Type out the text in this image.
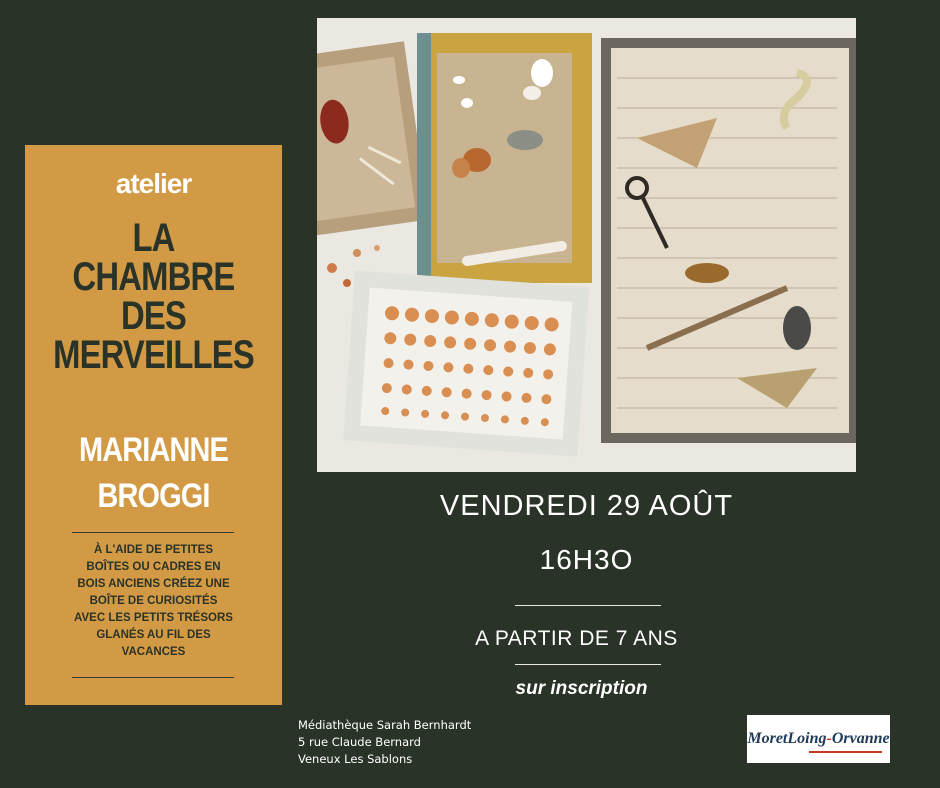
atelier
LA
CHAMBRE
DES
MERVEILLES
MARIANNE
BROGGI
À L'AIDE DE PETITES
BOÎTES OU CADRES EN
BOIS ANCIENS CRÉEZ UNE
BOÎTE DE CURIOSITÉS
AVEC LES PETITS TRÉSORS
GLANÉS AU FIL DES
VACANCES
VENDREDI 29 AOÛT
16H3O
A PARTIR DE 7 ANS
sur inscription
Médiathèque Sarah Bernhardt
5 rue Claude Bernard
Veneux Les Sablons
MoretLoing-Orvanne
